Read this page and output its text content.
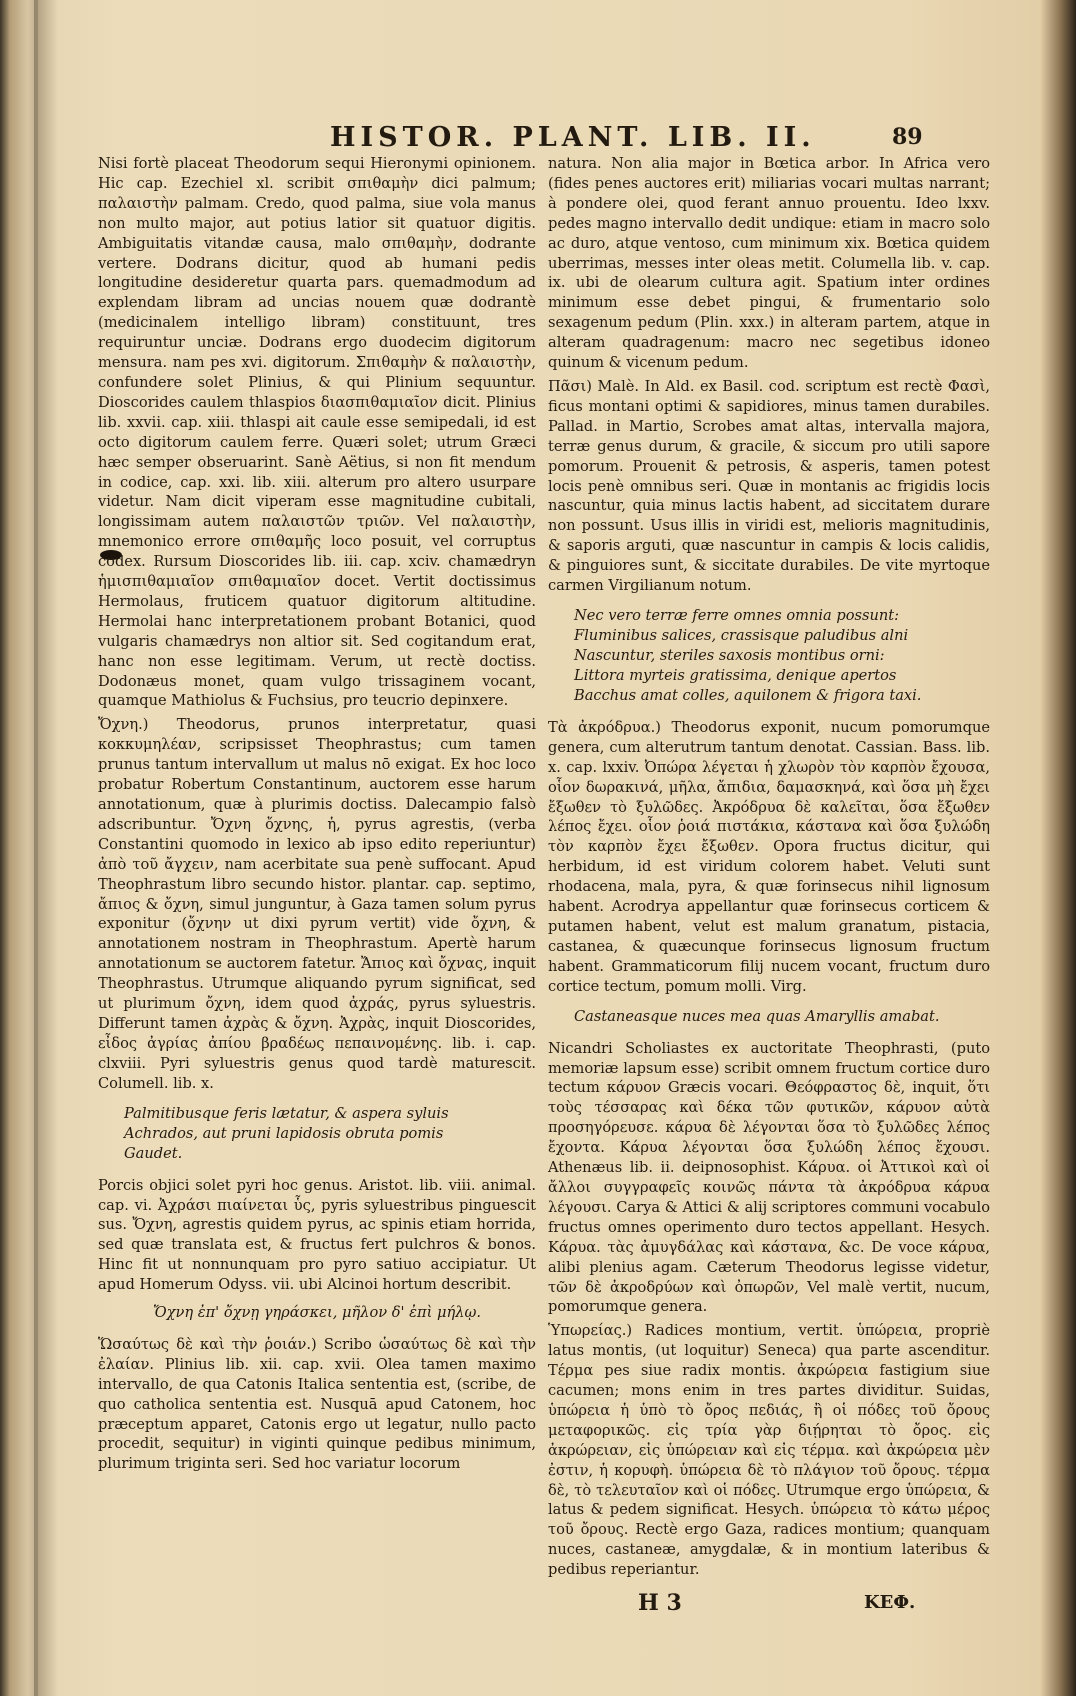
HISTOR. PLANT. LIB. II.	89

Nisi fortè placeat Theodorum sequi Hieronymi opinionem. Hic cap. Ezechiel xl. scribit σπιθαμὴν dici palmum; παλαιστὴν palmam. Credo, quod palma, siue vola manus non multo major, aut potius latior sit quatuor digitis. Ambiguitatis vitandæ causa, malo σπιθαμὴν, dodrante vertere. Dodrans dicitur, quod ab humani pedis longitudine desideretur quarta pars. quemadmodum ad explendam libram ad uncias nouem quæ dodrantè (medicinalem intelligo libram) constituunt, tres requiruntur unciæ. Dodrans ergo duodecim digitorum mensura. nam pes xvi. digitorum. Σπιθαμὴν & παλαιστὴν, confundere solet Plinius, & qui Plinium sequuntur. Dioscorides caulem thlaspios διασπιθαμιαῖον dicit. Plinius lib. xxvii. cap. xiii. thlaspi ait caule esse semipedali, id est octo digitorum caulem ferre. Quæri solet; utrum Græci hæc semper obseruarint. Sanè Aëtius, si non fit mendum in codice, cap. xxi. lib. xiii. alterum pro altero usurpare videtur. Nam dicit viperam esse magnitudine cubitali, longissimam autem παλαιστῶν τριῶν. Vel παλαιστὴν, mnemonico errore σπιθαμῆς loco posuit, vel corruptus codex. Rursum Dioscorides lib. iii. cap. xciv. chamædryn ἡμισπιθαμιαῖον σπιθαμιαῖον docet. Vertit doctissimus Hermolaus, fruticem quatuor digitorum altitudine. Hermolai hanc interpretationem probant Botanici, quod vulgaris chamædrys non altior sit. Sed cogitandum erat, hanc non esse legitimam. Verum, ut rectè doctiss. Dodonæus monet, quam vulgo trissaginem vocant, quamque Mathiolus & Fuchsius, pro teucrio depinxere.

Ὄχνη.) Theodorus, prunos interpretatur, quasi κοκκυμηλέαν, scripsisset Theophrastus; cum tamen prunus tantum intervallum ut malus nō exigat. Ex hoc loco probatur Robertum Constantinum, auctorem esse harum annotationum, quæ à plurimis doctiss. Dalecampio falsò adscribuntur. Ὄχνη ὄχνης, ἡ, pyrus agrestis, (verba Constantini quomodo in lexico ab ipso edito reperiuntur) ἀπὸ τοῦ ἄγχειν, nam acerbitate sua penè suffocant. Apud Theophrastum libro secundo histor. plantar. cap. septimo, ἄπιος & ὄχνη, simul junguntur, à Gaza tamen solum pyrus exponitur (ὄχνην ut dixi pyrum vertit) vide ὄχνη, & annotationem nostram in Theophrastum. Apertè harum annotationum se auctorem fatetur. Ἄπιος καὶ ὄχνας, inquit Theophrastus. Utrumque aliquando pyrum significat, sed ut plurimum ὄχνη, idem quod ἀχράς, pyrus syluestris. Differunt tamen ἀχρὰς & ὄχνη. Ἀχρὰς, inquit Dioscorides, εἶδος ἀγρίας ἀπίου βραδέως πεπαινομένης. lib. i. cap. clxviii. Pyri syluestris genus quod tardè maturescit. Columell. lib. x.

Palmitibusque feris lætatur, & aspera syluis
Achrados, aut pruni lapidosis obruta pomis
Gaudet.

Porcis objici solet pyri hoc genus. Aristot. lib. viii. animal. cap. vi. Ἀχράσι πιαίνεται ὗς, pyris syluestribus pinguescit sus. Ὄχνη, agrestis quidem pyrus, ac spinis etiam horrida, sed quæ translata est, & fructus fert pulchros & bonos. Hinc fit ut nonnunquam pro pyro satiuo accipiatur. Ut apud Homerum Odyss. vii. ubi Alcinoi hortum describit.

Ὄχνη ἐπ' ὄχνῃ γηράσκει, μῆλον δ' ἐπὶ μήλῳ.

Ὥσαύτως δὲ καὶ τὴν ῥοιάν.) Scribo ὡσαύτως δὲ καὶ τὴν ἐλαίαν. Plinius lib. xii. cap. xvii. Olea tamen maximo intervallo, de qua Catonis Italica sententia est, (scribe, de quo catholica sententia est. Nusquā apud Catonem, hoc præceptum apparet, Catonis ergo ut legatur, nullo pacto procedit, sequitur) in viginti quinque pedibus minimum, plurimum triginta seri. Sed hoc variatur locorum

natura. Non alia major in Bœtica arbor. In Africa vero (fides penes auctores erit) miliarias vocari multas narrant; à pondere olei, quod ferant annuo prouentu. Ideo lxxv. pedes magno intervallo dedit undique: etiam in macro solo ac duro, atque ventoso, cum minimum xix. Bœtica quidem uberrimas, messes inter oleas metit. Columella lib. v. cap. ix. ubi de olearum cultura agit. Spatium inter ordines minimum esse debet pingui, & frumentario solo sexagenum pedum (Plin. xxx.) in alteram partem, atque in alteram quadragenum: macro nec segetibus idoneo quinum & vicenum pedum.

Πᾶσι) Malè. In Ald. ex Basil. cod. scriptum est rectè Φασὶ, ficus montani optimi & sapidiores, minus tamen durabiles. Pallad. in Martio, Scrobes amat altas, intervalla majora, terræ genus durum, & gracile, & siccum pro utili sapore pomorum. Prouenit & petrosis, & asperis, tamen potest locis penè omnibus seri. Quæ in montanis ac frigidis locis nascuntur, quia minus lactis habent, ad siccitatem durare non possunt. Usus illis in viridi est, melioris magnitudinis, & saporis arguti, quæ nascuntur in campis & locis calidis, & pinguiores sunt, & siccitate durabiles. De vite myrtoque carmen Virgilianum notum.

Nec vero terræ ferre omnes omnia possunt:
Fluminibus salices, crassisque paludibus alni
Nascuntur, steriles saxosis montibus orni:
Littora myrteis gratissima, denique apertos
Bacchus amat colles, aquilonem & frigora taxi.

Τὰ ἀκρόδρυα.) Theodorus exponit, nucum pomorumque genera, cum alterutrum tantum denotat. Cassian. Bass. lib. x. cap. lxxiv. Ὀπώρα λέγεται ἡ χλωρὸν τὸν καρπὸν ἔχουσα, οἷον δωρακινά, μῆλα, ἄπιδια, δαμασκηνά, καὶ ὅσα μὴ ἔχει ἔξωθεν τὸ ξυλῶδες. Ἀκρόδρυα δὲ καλεῖται, ὅσα ἔξωθεν λέπος ἔχει. οἷον ῥοιά πιστάκια, κάστανα καὶ ὅσα ξυλώδη τὸν καρπὸν ἔχει ἔξωθεν. Opora fructus dicitur, qui herbidum, id est viridum colorem habet. Veluti sunt rhodacena, mala, pyra, & quæ forinsecus nihil lignosum habent. Acrodrya appellantur quæ forinsecus corticem & putamen habent, velut est malum granatum, pistacia, castanea, & quæcunque forinsecus lignosum fructum habent. Grammaticorum filij nucem vocant, fructum duro cortice tectum, pomum molli. Virg.

Castaneasque nuces mea quas Amaryllis amabat.

Nicandri Scholiastes ex auctoritate Theophrasti, (puto memoriæ lapsum esse) scribit omnem fructum cortice duro tectum κάρυον Græcis vocari. Θεόφραστος δὲ, inquit, ὅτι τοὺς τέσσαρας καὶ δέκα τῶν φυτικῶν, κάρυον αὐτὰ προσηγόρευσε. κάρυα δὲ λέγονται ὅσα τὸ ξυλῶδες λέπος ἔχοντα. Κάρυα λέγονται ὅσα ξυλώδη λέπος ἔχουσι. Athenæus lib. ii. deipnosophist. Κάρυα. οἱ Ἀττικοὶ καὶ οἱ ἄλλοι συγγραφεῖς κοινῶς πάντα τὰ ἀκρόδρυα κάρυα λέγουσι. Carya & Attici & alij scriptores communi vocabulo fructus omnes operimento duro tectos appellant. Hesych. Κάρυα. τὰς ἀμυγδάλας καὶ κάστανα, &c. De voce κάρυα, alibi plenius agam. Cæterum Theodorus legisse videtur, τῶν δὲ ἀκροδρύων καὶ ὀπωρῶν, Vel malè vertit, nucum, pomorumque genera.

Ὑπωρείας.) Radices montium, vertit. ὑπώρεια, propriè latus montis, (ut loquitur) Seneca) qua parte ascenditur. Τέρμα pes siue radix montis. ἀκρώρεια fastigium siue cacumen; mons enim in tres partes dividitur. Suidas, ὑπώρεια ἡ ὑπὸ τὸ ὄρος πεδιάς, ἢ οἱ πόδες τοῦ ὄρους μεταφορικῶς. εἰς τρία γὰρ διῄρηται τὸ ὄρος. εἰς ἀκρώρειαν, εἰς ὑπώρειαν καὶ εἰς τέρμα. καὶ ἀκρώρεια μὲν ἐστιν, ἡ κορυφὴ. ὑπώρεια δὲ τὸ πλάγιον τοῦ ὄρους. τέρμα δὲ, τὸ τελευταῖον καὶ οἱ πόδες. Utrumque ergo ὑπώρεια, & latus & pedem significat. Hesych. ὑπώρεια τὸ κάτω μέρος τοῦ ὄρους. Rectè ergo Gaza, radices montium; quanquam nuces, castaneæ, amygdalæ, & in montium lateribus & pedibus reperiantur.

H 3	ΚΕΦ.
